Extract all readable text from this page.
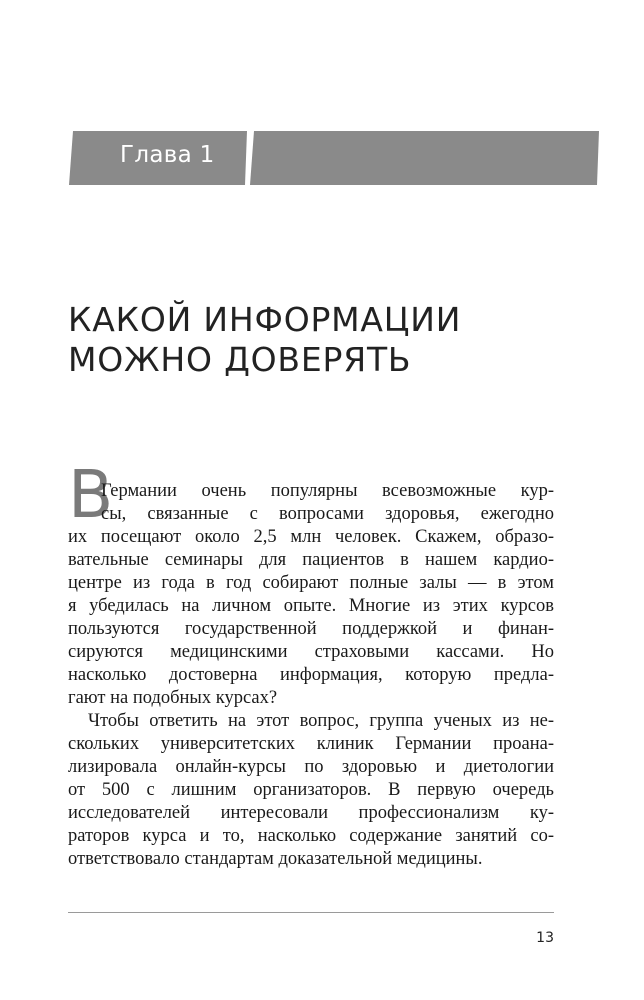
Глава 1
КАКОЙ ИНФОРМАЦИИ
МОЖНО ДОВЕРЯТЬ
В
Германии очень популярны всевозможные кур-
сы, связанные с вопросами здоровья, ежегодно
их посещают около 2,5 млн человек. Скажем, образо-
вательные семинары для пациентов в нашем кардио-
центре из года в год собирают полные залы — в этом
я убедилась на личном опыте. Многие из этих курсов
пользуются государственной поддержкой и финан-
сируются медицинскими страховыми кассами. Но
насколько достоверна информация, которую предла-
гают на подобных курсах?
Чтобы ответить на этот вопрос, группа ученых из не-
скольких университетских клиник Германии проана-
лизировала онлайн-курсы по здоровью и диетологии
от 500 с лишним организаторов. В первую очередь
исследователей интересовали профессионализм ку-
раторов курса и то, насколько содержание занятий со-
ответствовало стандартам доказательной медицины.
13
